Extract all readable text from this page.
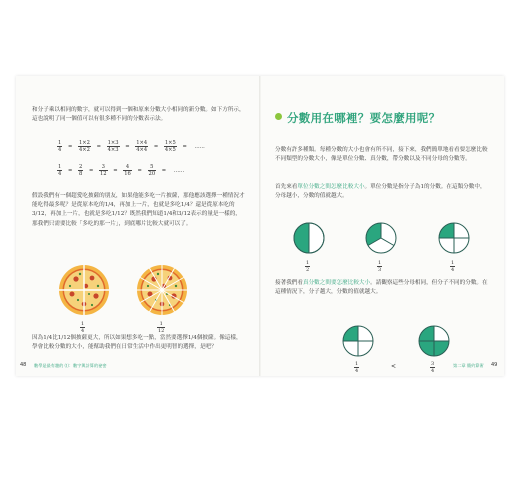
和分子乘以相同的數字，就可以得到一個和原來分數大小相同的新分數。如下方所示，這也說明了同一個值可以有很多種不同的分數表示法。
$\frac{1}{4} = \frac{1\times 2}{4\times 2} = \frac{1\times 3}{4\times 3} = \frac{1\times 4}{4\times 4} = \frac{1\times 5}{4\times 5}$ = ……
$\frac{1}{4} = \frac{2}{8} = \frac{3}{12} = \frac{4}{16} = \frac{5}{20}$ = ……
假設我們有一個超愛吃披薩的朋友，如果他能多吃一片披薩，那他應該選擇一種情況才能吃得最多呢？是從原本吃的1/4，再加上一片，也就是多吃1/4？還是從原本吃的3/12，再加上一片，也就是多吃1/12？既然我們知道1/4和3/12表示的量是一樣的，那我們只需要比較「多吃的那一片」，到底哪片比較大就可以了。
1
4
1
12
因為1/4比1/12個披薩更大，所以如果想多吃一點，當然要選擇1/4個披薩。像這樣，學會比較分數的大小，能幫助我們在日常生活中作出更明智的選擇，是吧？
48 數學是最有趣的 ⑴：數字與計算的祕密
分數用在哪裡？要怎麼用呢？
分數有許多種類。每種分數的大小也會有所不同，接下來，我們簡單地看看要怎麼比較不同類型的分數大小，像是單位分數、真分數，帶分數以及不同分母的分數等。
首先來看單位分數之間怎麼比較大小。單位分數是指分子為1的分數。在這類分數中，分母越小，分數的值就越大。
1
2
1
3
1
4
接著我們看真分數之間要怎麼比較大小。請觀察這些分母相同，但分子不同的分數。在這種情況下，分子越大，分數的值就越大。
1
4
<	3
4
第二章 簡約算術 49
